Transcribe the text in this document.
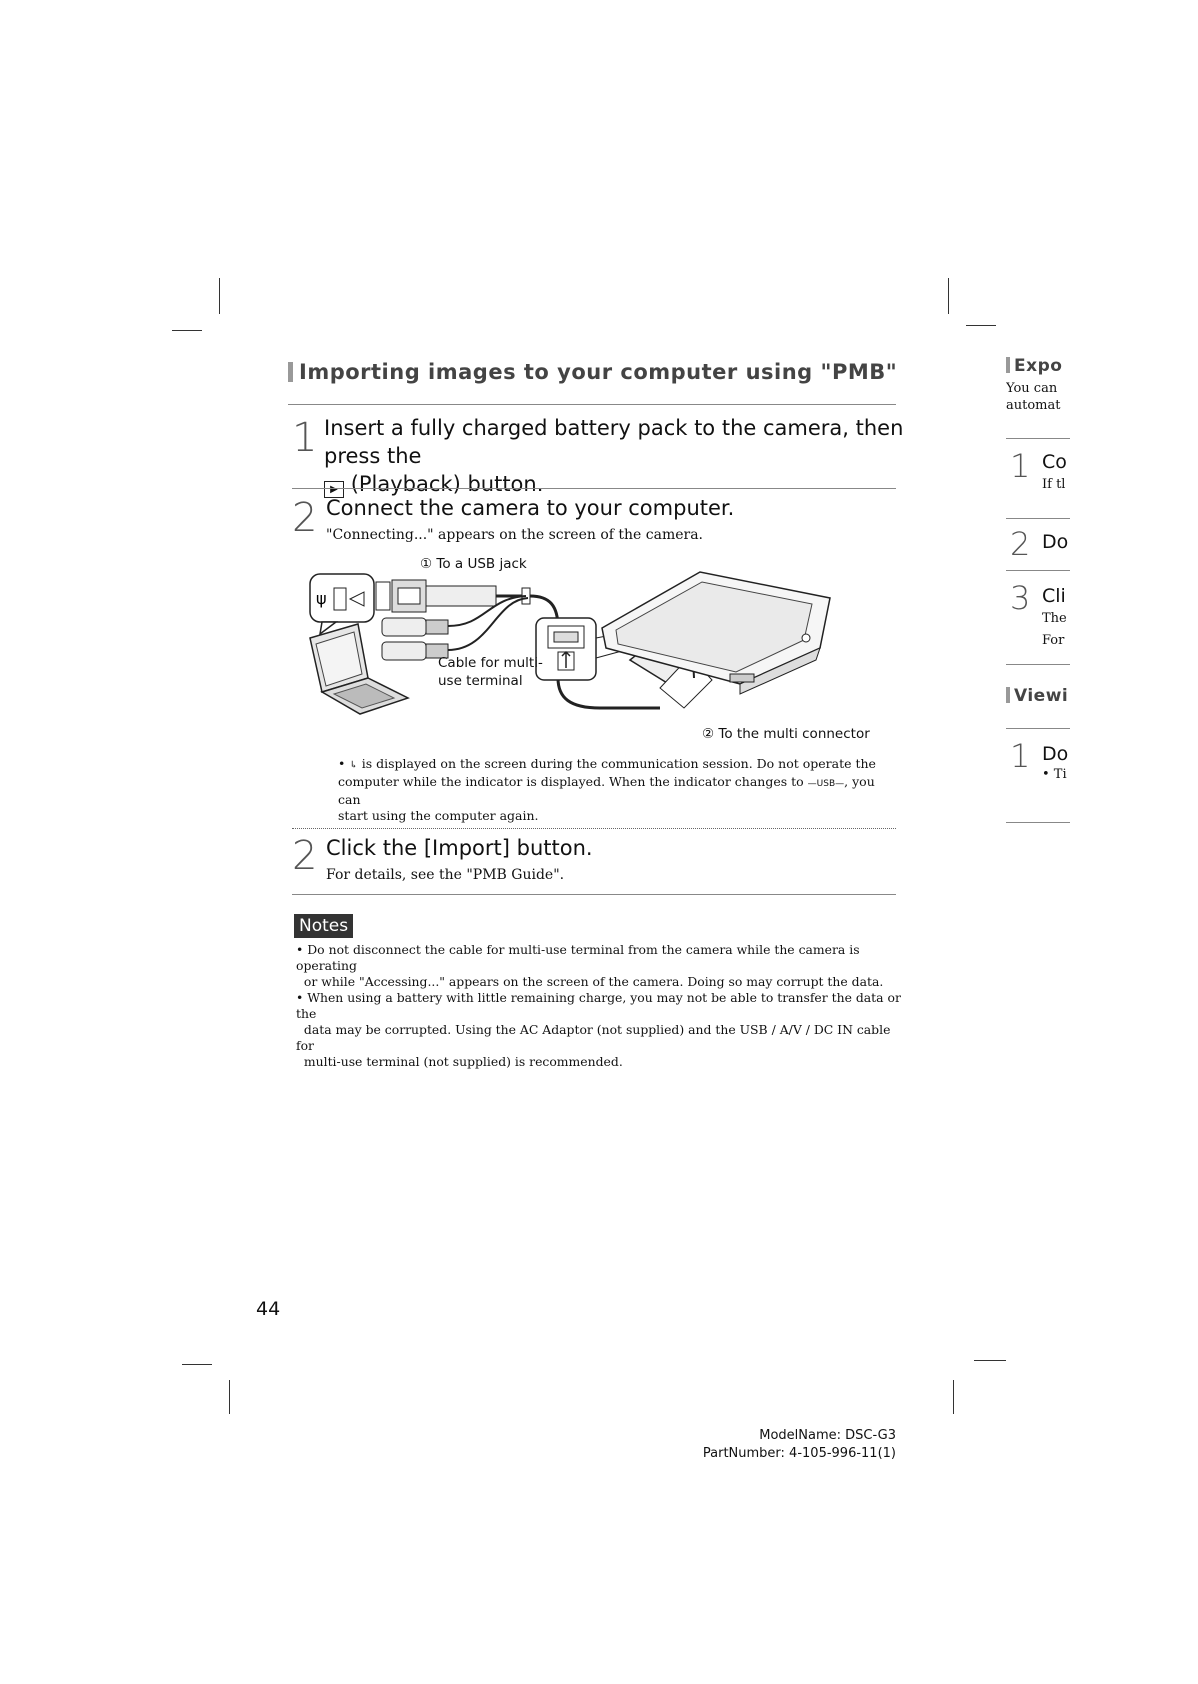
Importing images to your computer using "PMB"
1 Insert a fully charged battery pack to the camera, then press the
▶ (Playback) button.
2 Connect the camera to your computer.
"Connecting..." appears on the screen of the camera.
① To a USB jack
ψ
Cable for multi-
use terminal
② To the multi connector
• ↳ is displayed on the screen during the communication session. Do not operate the
computer while the indicator is displayed. When the indicator changes to —USB—, you can
start using the computer again.
2 Click the [Import] button.
For details, see the "PMB Guide".
Notes
• Do not disconnect the cable for multi-use terminal from the camera while the camera is operating
or while "Accessing..." appears on the screen of the camera. Doing so may corrupt the data.
• When using a battery with little remaining charge, you may not be able to transfer the data or the
data may be corrupted. Using the AC Adaptor (not supplied) and the USB / A/V / DC IN cable for
multi-use terminal (not supplied) is recommended.
44
ModelName: DSC-G3
PartNumber: 4-105-996-11(1)
Expo
You can
automat
1 Co
If tl
2 Do
3 Cli
The
For
Viewi
1 Do
• Ti
